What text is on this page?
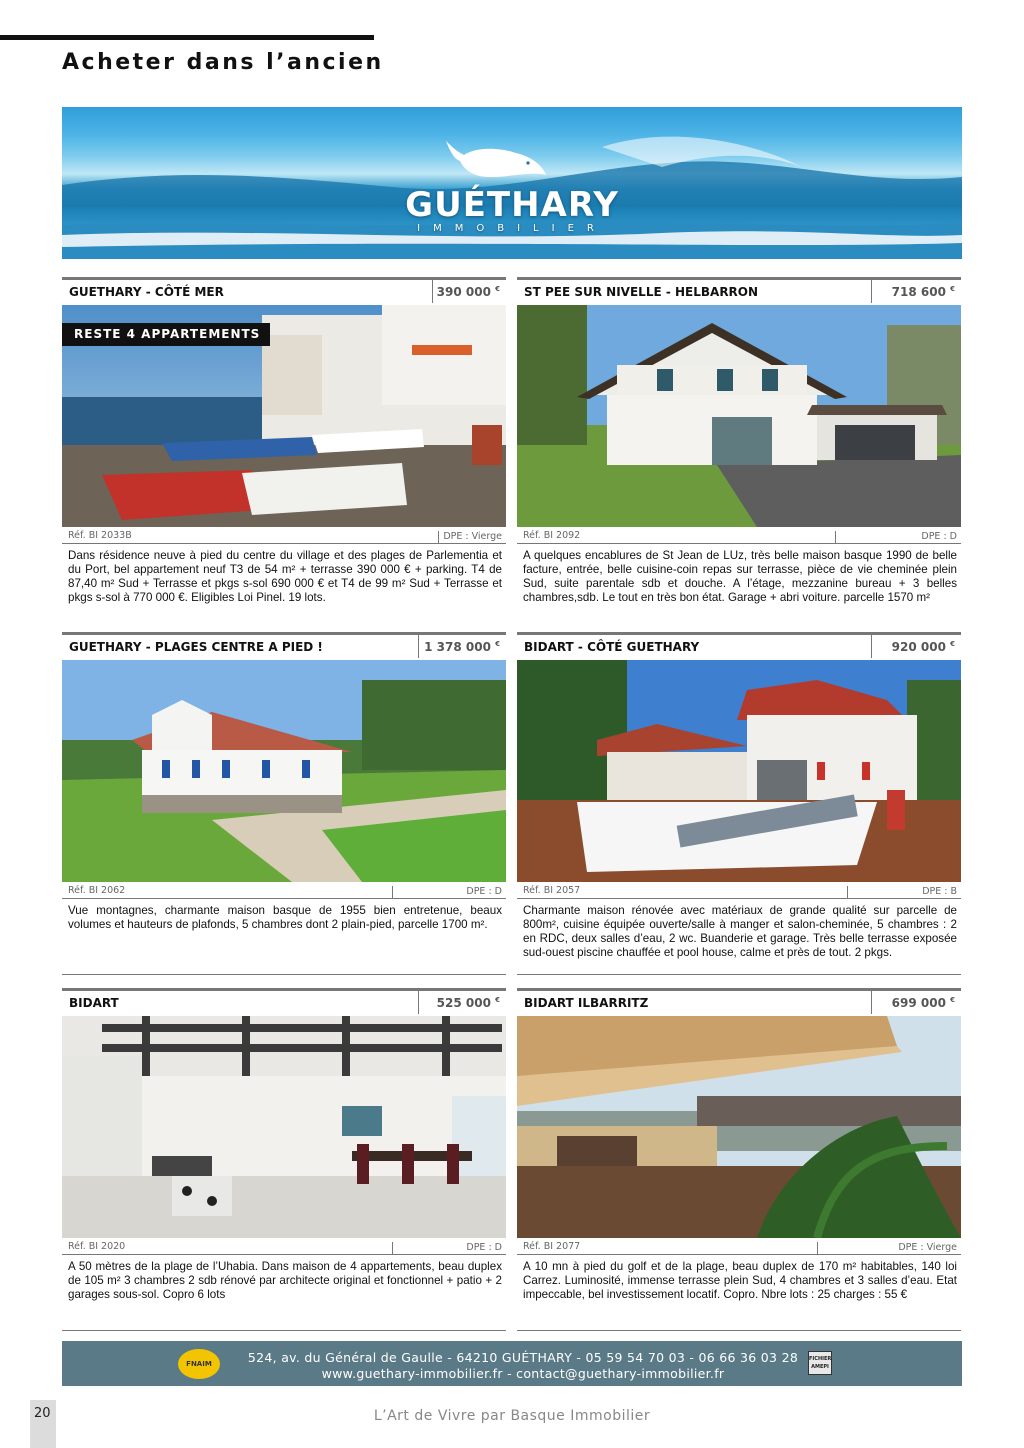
Acheter dans l’ancien
GUÉTHARY
IMMOBILIER
GUETHARY - CÔTÉ MER	390 000 €
RESTE 4 APPARTEMENTS
Réf. BI 2033B	DPE : Vierge
Dans résidence neuve à pied du centre du village et des plages de Parlementia et du Port, bel appartement neuf T3 de 54 m² + terrasse 390 000 € + parking. T4 de 87,40 m² Sud + Terrasse et pkgs s-sol 690 000 € et T4 de 99 m² Sud + Terrasse et pkgs s-sol à 770 000 €. Eligibles Loi Pinel. 19 lots.
ST PEE SUR NIVELLE - HELBARRON	718 600 €
Réf. BI 2092	DPE : D
A quelques encablures de St Jean de LUz, très belle maison basque 1990 de belle facture, entrée, belle cuisine-coin repas sur terrasse, pièce de vie cheminée plein Sud, suite parentale sdb et douche. A l’étage, mezzanine bureau + 3 belles chambres,sdb. Le tout en très bon état. Garage + abri voiture. parcelle 1570 m²
GUETHARY - PLAGES CENTRE A PIED !	1 378 000 €
Réf. BI 2062	DPE : D
Vue montagnes, charmante maison basque de 1955 bien entretenue, beaux volumes et hauteurs de plafonds, 5 chambres dont 2 plain-pied, parcelle 1700 m².
BIDART - CÔTÉ GUETHARY	920 000 €
Réf. BI 2057	DPE : B
Charmante maison rénovée avec matériaux de grande qualité sur parcelle de 800m², cuisine équipée ouverte/salle à manger et salon-cheminée, 5 chambres : 2 en RDC, deux salles d’eau, 2 wc. Buanderie et garage. Très belle terrasse exposée sud-ouest piscine chauffée et pool house, calme et près de tout. 2 pkgs.
BIDART	525 000 €
Réf. BI 2020	DPE : D
A 50 mètres de la plage de l’Uhabia. Dans maison de 4 appartements, beau duplex de 105 m² 3 chambres 2 sdb rénové par architecte original et fonctionnel + patio + 2 garages sous-sol. Copro 6 lots
BIDART ILBARRITZ	699 000 €
Réf. BI 2077	DPE : Vierge
A 10 mn à pied du golf et de la plage, beau duplex de 170 m² habitables, 140 loi Carrez. Luminosité, immense terrasse plein Sud, 4 chambres et 3 salles d’eau. Etat impeccable, bel investissement locatif. Copro. Nbre lots : 25 charges : 55 €
FNAIM	524, av. du Général de Gaulle - 64210 GUÉTHARY - 05 59 54 70 03 - 06 66 36 03 28
www.guethary-immobilier.fr - contact@guethary-immobilier.fr
FICHIER AMEPI
20	L’Art de Vivre par Basque Immobilier
